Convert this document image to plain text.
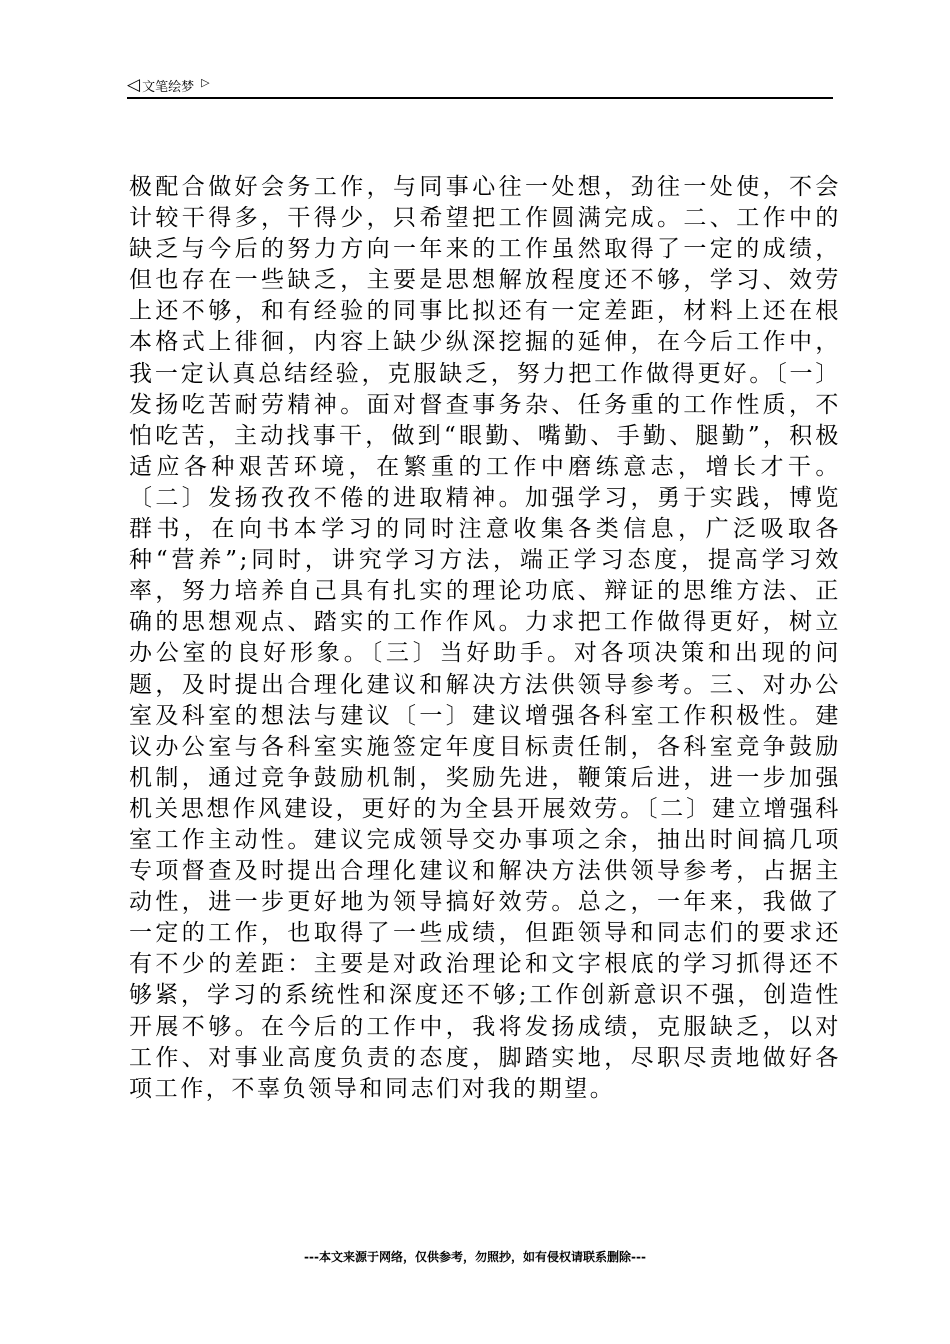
◁ 文笔绘梦 ▷

极配合做好会务工作，与同事心往一处想，劲往一处使，不会计较干得多，干得少，只希望把工作圆满完成。二、工作中的缺乏与今后的努力方向一年来的工作虽然取得了一定的成绩，但也存在一些缺乏，主要是思想解放程度还不够，学习、效劳上还不够，和有经验的同事比拟还有一定差距，材料上还在根本格式上徘徊，内容上缺少纵深挖掘的延伸，在今后工作中，我一定认真总结经验，克服缺乏，努力把工作做得更好。〔一〕发扬吃苦耐劳精神。面对督查事务杂、任务重的工作性质，不怕吃苦，主动找事干，做到“眼勤、嘴勤、手勤、腿勤”，积极适应各种艰苦环境，在繁重的工作中磨练意志，增长才干。〔二〕发扬孜孜不倦的进取精神。加强学习，勇于实践，博览群书，在向书本学习的同时注意收集各类信息，广泛吸取各种“营养”;同时，讲究学习方法，端正学习态度，提高学习效率，努力培养自己具有扎实的理论功底、辩证的思维方法、正确的思想观点、踏实的工作作风。力求把工作做得更好，树立办公室的良好形象。〔三〕当好助手。对各项决策和出现的问题，及时提出合理化建议和解决方法供领导参考。三、对办公室及科室的想法与建议〔一〕建议增强各科室工作积极性。建议办公室与各科室实施签定年度目标责任制，各科室竞争鼓励机制，通过竞争鼓励机制，奖励先进，鞭策后进，进一步加强机关思想作风建设，更好的为全县开展效劳。〔二〕建立增强科室工作主动性。建议完成领导交办事项之余，抽出时间搞几项专项督查及时提出合理化建议和解决方法供领导参考，占据主动性，进一步更好地为领导搞好效劳。总之，一年来，我做了一定的工作，也取得了一些成绩，但距领导和同志们的要求还有不少的差距：主要是对政治理论和文字根底的学习抓得还不够紧，学习的系统性和深度还不够;工作创新意识不强，创造性开展不够。在今后的工作中，我将发扬成绩，克服缺乏，以对工作、对事业高度负责的态度，脚踏实地，尽职尽责地做好各项工作，不辜负领导和同志们对我的期望。

---本文来源于网络，仅供参考，勿照抄，如有侵权请联系删除---
